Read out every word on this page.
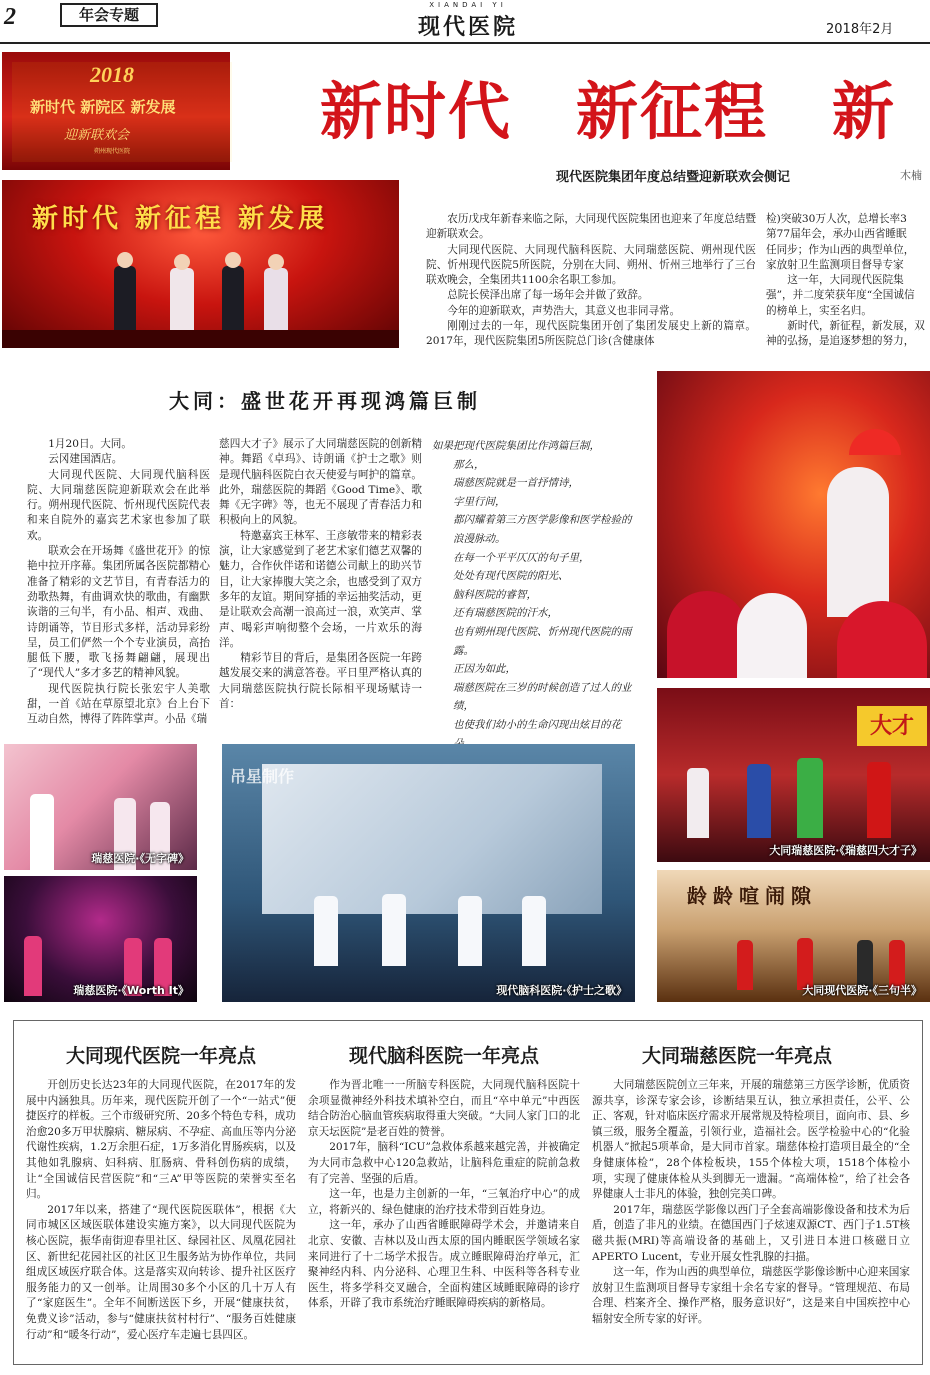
2	年会专题
XIANDAI YI
现代医院	2018年2月
2018
新时代 新院区 新发展
迎新联欢会
朔州现代医院
新时代　新征程　新
现代医院集团年度总结暨迎新联欢会侧记	木楠
新时代 新征程 新发展	农历戊戌年新春来临之际，大同现代医院集团也迎来了年度总结暨迎新联欢会。

大同现代医院、大同现代脑科医院、大同瑞慈医院、朔州现代医院、忻州现代医院5所医院，分别在大同、朔州、忻州三地举行了三台联欢晚会，全集团共1100余名职工参加。

总院长侯泽出席了每一场年会并做了致辞。

今年的迎新联欢，声势浩大，其意义也非同寻常。

刚刚过去的一年，现代医院集团开创了集团发展史上新的篇章。2017年，现代医院集团5所医院总门诊(含健康体

检)突破30万人次，总增长率3

第77届年会，承办山西省睡眠

任同步；作为山西的典型单位，

家放射卫生监测项目督导专家

这一年，大同现代医院集

强”，并二度荣获年度“全国诚信

的榜单上，实至名归。

新时代，新征程，新发展，双

神的弘扬，是追逐梦想的努力，

大同：盛世花开再现鸿篇巨制

1月20日。大同。

云冈建国酒店。

大同现代医院、大同现代脑科医院、大同瑞慈医院迎新联欢会在此举行。朔州现代医院、忻州现代医院代表和来自院外的嘉宾艺术家也参加了联欢。

联欢会在开场舞《盛世花开》的惊艳中拉开序幕。集团所属各医院都精心准备了精彩的文艺节目，有青春活力的劲歌热舞，有曲调欢快的歌曲，有幽默诙谐的三句半，有小品、相声、戏曲、诗朗诵等，节目形式多样，活动异彩纷呈，员工们俨然一个个专业演员，高抬腿低下腰，歌飞扬舞翩翩，展现出了“现代人”多才多艺的精神风貌。

现代医院执行院长张宏宇人美歌甜，一首《站在草原望北京》台上台下互动自然，博得了阵阵掌声。小品《瑞

慈四大才子》展示了大同瑞慈医院的创新精神。舞蹈《卓玛》、诗朗诵《护士之歌》则是现代脑科医院白衣天使爱与呵护的篇章。此外，瑞慈医院的舞蹈《Good Time》、歌舞《无字碑》等，也无不展现了青春活力和积极向上的风貌。

特邀嘉宾王林军、王彦敏带来的精彩表演，让大家感觉到了老艺术家们德艺双馨的魅力，合作伙伴诺和诺德公司献上的助兴节目，让大家捧腹大笑之余，也感受到了双方多年的友谊。期间穿插的幸运抽奖活动，更是让联欢会高潮一浪高过一浪，欢笑声、掌声、喝彩声响彻整个会场，一片欢乐的海洋。

精彩节目的背后，是集团各医院一年跨越发展交来的满意答卷。平日里严格认真的大同瑞慈医院执行院长际相平现场赋诗一首：

如果把现代医院集团比作鸿篇巨制，

那么，

瑞慈医院就是一首抒情诗，

字里行间，

都闪耀着第三方医学影像和医学检验的浪漫脉动。

在每一个平平仄仄的句子里，

处处有现代医院的阳光、

脑科医院的睿智，

还有瑞慈医院的汗水，

也有朔州现代医院、忻州现代医院的雨露。

正因为如此，

瑞慈医院在三岁的时候创造了过人的业绩，

也使我们幼小的生命闪现出炫目的花	大才
大同瑞慈医院·《瑞慈四大才子》
瑞慈医院·《无字碑》
瑞慈医院·《Worth It》
吊星制作
现代脑科医院·《护士之歌》
龄龄喧闹隙
大同现代医院·《三句半》
大同现代医院一年亮点	现代脑科医院一年亮点	大同瑞慈医院一年亮点

开创历史长达23年的大同现代医院，在2017年的发展中内涵独具。历年来，现代医院开创了一个“一站式”便捷医疗的样板。三个市级研究所、20多个特色专科，成功治愈20多万甲状腺病、糖尿病、不孕症、高血压等内分泌代谢性疾病，1.2万余胆石症，1万多消化胃肠疾病，以及其他如乳腺病、妇科病、肛肠病、骨科创伤病的成绩，让“全国诚信民营医院”和“三A”甲等医院的荣誉实至名归。

2017年以来，搭建了“现代医院医联体”，根据《大同市城区区域医联体建设实施方案》，以大同现代医院为核心医院，振华南街迎春里社区、绿园社区、凤凰花园社区、新世纪花园社区的社区卫生服务站为协作单位，共同组成区域医疗联合体。这是落实双向转诊、提升社区医疗服务能力的又一创举。让周围30多个小区的几十万人有了“家庭医生”。全年不间断送医下乡，开展“健康扶贫，免费义诊”活动，参与“健康扶贫村村行”、“服务百姓健康行动”和“暖冬行动”，爱心医疗车走遍七县四区。

作为晋北唯一一所脑专科医院，大同现代脑科医院十余项显微神经外科技术填补空白，而且“卒中单元”中西医结合防治心脑血管疾病取得重大突破。“大同人家门口的北京天坛医院”是老百姓的赞誉。

2017年，脑科“ICU”急救体系越来越完善，并被确定为大同市急救中心120急救站，让脑科危重症的院前急救有了完善、坚强的后盾。

这一年，也是力主创新的一年，“三氧治疗中心”的成立，将新兴的、绿色健康的治疗技术带到百姓身边。

这一年，承办了山西省睡眠障碍学术会，并邀请来自北京、安徽、吉林以及山西太原的国内睡眠医学领域名家来同进行了十二场学术报告。成立睡眠障碍治疗单元，汇聚神经内科、内分泌科、心理卫生科、中医科等各科专业医生，将多学科交叉融合，全面构建区域睡眠障碍的诊疗体系，开辟了我市系统治疗睡眠障碍疾病的新格局。

大同瑞慈医院创立三年来，开展的瑞慈第三方医学诊断，优质资源共享，诊深专家会诊，诊断结果互认，独立承担责任，公平、公正、客观，针对临床医疗需求开展常规及特检项目，面向市、县、乡镇三级，服务全覆盖，引领行业，造福社会。医学检验中心的“化验机器人”掀起5项革命，是大同市首家。瑞慈体检打造项目最全的“全身健康体检”，28个体检板块，155个体检大项，1518个体检小项，实现了健康体检从头到脚无一遗漏。“高端体检”，给了社会各界健康人士非凡的体验，独创完美口碑。

2017年，瑞慈医学影像以西门子全套高端影像设备和技术为后盾，创造了非凡的业绩。在德国西门子炫速双源CT、西门子1.5T核磁共振(MRI)等高端设备的基础上，又引进日本进口核磁日立 APERTO Lucent，专业开展女性乳腺的扫描。

这一年，作为山西的典型单位，瑞慈医学影像诊断中心迎来国家放射卫生监测项目督导专家组十余名专家的督导。“管理规范、布局合理、档案齐全、操作严格，服务意识好”，这是来自中国疾控中心辐射安全所专家的好评。
